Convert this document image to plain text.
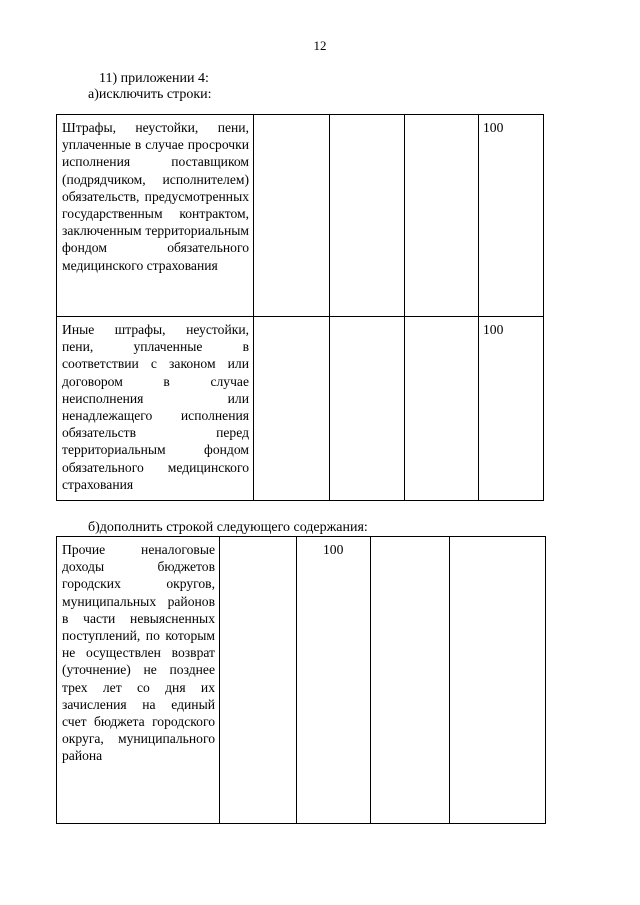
12
11) приложении 4:
а)исключить строки:
Штрафы, неустойки, пени, уплаченные в случае просрочки исполнения поставщиком (подрядчиком, исполнителем) обязательств, предусмотренных государственным контрактом, заключенным территориальным фондом обязательного медицинского страхования				100
Иные штрафы, неустойки, пени, уплаченные в соответствии с законом или договором в случае неисполнения или ненадлежащего исполнения обязательств перед территориальным фондом обязательного медицинского страхования				100
б)дополнить строкой следующего содержания:
Прочие неналоговые доходы бюджетов городских округов, муниципальных районов в части невыясненных поступлений, по которым не осуществлен возврат (уточнение) не позднее трех лет со дня их зачисления на единый счет бюджета городского округа, муниципального района		100		
